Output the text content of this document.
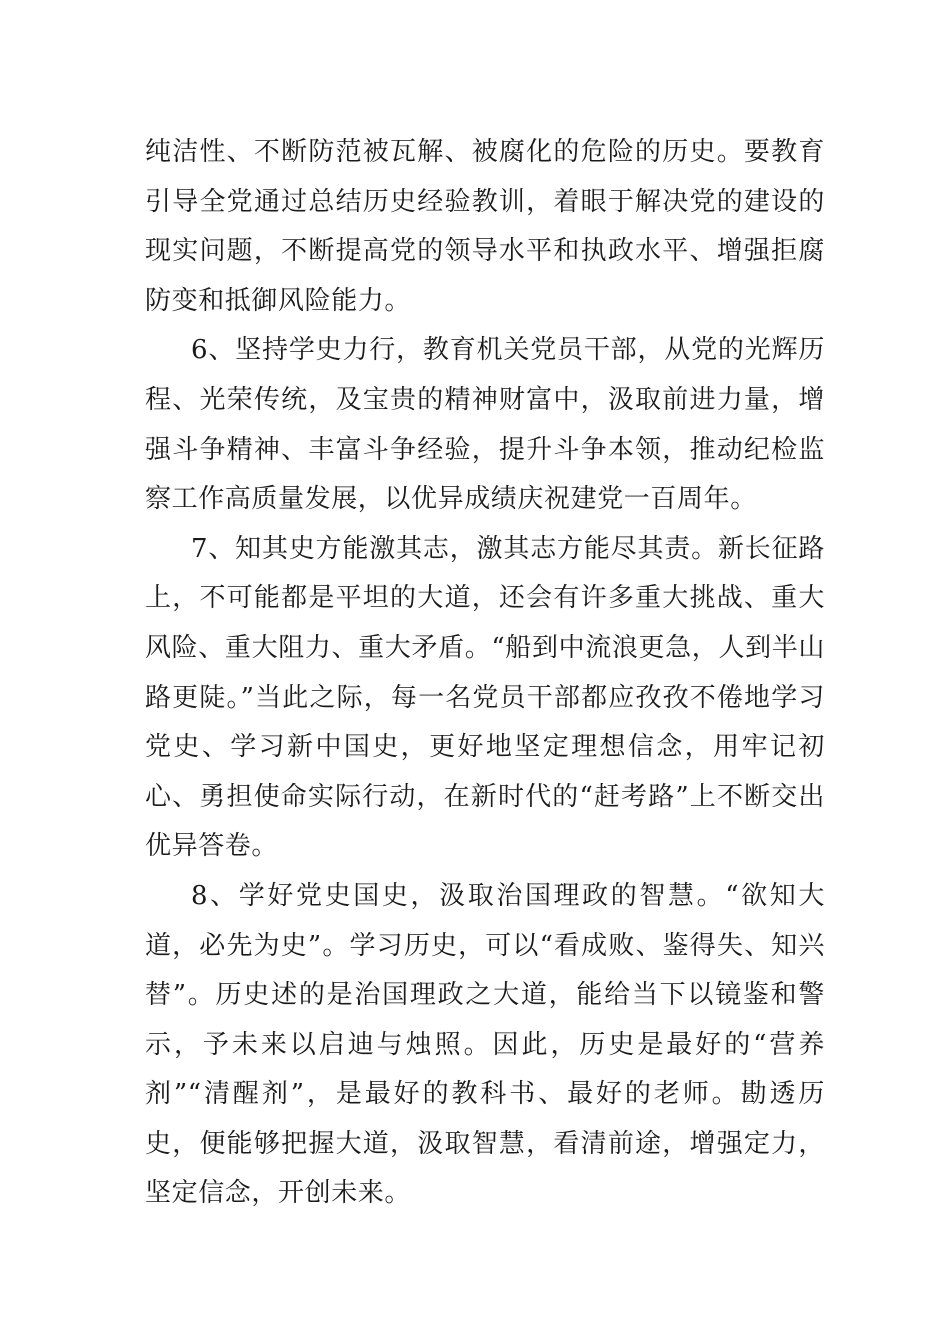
纯洁性、不断防范被瓦解、被腐化的危险的历史。要教育引导全党通过总结历史经验教训，着眼于解决党的建设的现实问题，不断提高党的领导水平和执政水平、增强拒腐防变和抵御风险能力。

6、坚持学史力行，教育机关党员干部，从党的光辉历程、光荣传统，及宝贵的精神财富中，汲取前进力量，增强斗争精神、丰富斗争经验，提升斗争本领，推动纪检监察工作高质量发展，以优异成绩庆祝建党一百周年。

7、知其史方能激其志，激其志方能尽其责。新长征路上，不可能都是平坦的大道，还会有许多重大挑战、重大风险、重大阻力、重大矛盾。“船到中流浪更急，人到半山路更陡。”当此之际，每一名党员干部都应孜孜不倦地学习党史、学习新中国史，更好地坚定理想信念，用牢记初心、勇担使命实际行动，在新时代的“赶考路”上不断交出优异答卷。

8、学好党史国史，汲取治国理政的智慧。“欲知大道，必先为史”。学习历史，可以“看成败、鉴得失、知兴替”。历史述的是治国理政之大道，能给当下以镜鉴和警示，予未来以启迪与烛照。因此，历史是最好的“营养剂”“清醒剂”，是最好的教科书、最好的老师。勘透历史，便能够把握大道，汲取智慧，看清前途，增强定力，坚定信念，开创未来。
